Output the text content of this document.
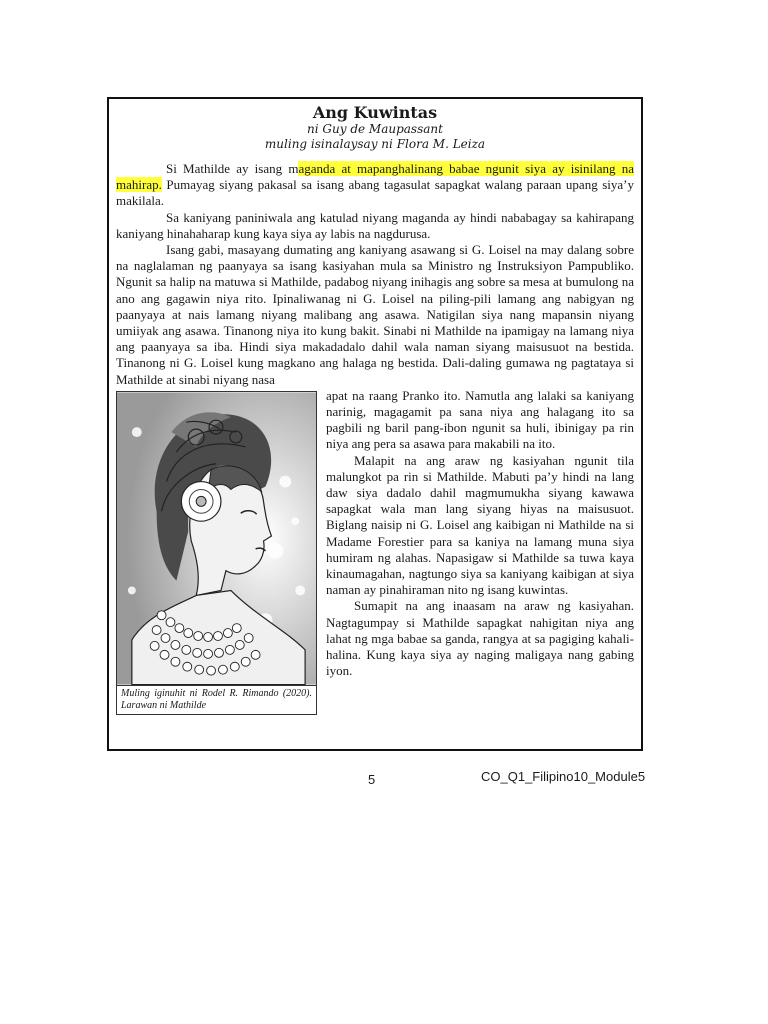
Ang Kuwintas
ni Guy de Maupassant
muling isinalaysay ni Flora M. Leiza

Si Mathilde ay isang maganda at mapanghalinang babae ngunit siya ay isinilang na mahirap. Pumayag siyang pakasal sa isang abang tagasulat sapagkat walang paraan upang siya’y makilala.

Sa kaniyang paniniwala ang katulad niyang maganda ay hindi nababagay sa kahirapang kaniyang hinahaharap kung kaya siya ay labis na nagdurusa.

Isang gabi, masayang dumating ang kaniyang asawang si G. Loisel na may dalang sobre na naglalaman ng paanyaya sa isang kasiyahan mula sa Ministro ng Instruksiyon Pampubliko. Ngunit sa halip na matuwa si Mathilde, padabog niyang inihagis ang sobre sa mesa at bumulong na ano ang gagawin niya rito. Ipinaliwanag ni G. Loisel na piling-pili lamang ang nabigyan ng paanyaya at nais lamang niyang malibang ang asawa. Natigilan siya nang mapansin niyang umiiyak ang asawa. Tinanong niya ito kung bakit. Sinabi ni Mathilde na ipamigay na lamang niya ang paanyaya sa iba. Hindi siya makadadalo dahil wala naman siyang maisusuot na bestida. Tinanong ni G. Loisel kung magkano ang halaga ng bestida. Dali-daling gumawa ng pagtataya si Mathilde at sinabi niyang nasa

Muling iginuhit ni Rodel R. Rimando (2020). Larawan ni Mathilde

apat na raang Pranko ito. Namutla ang lalaki sa kaniyang narinig, magagamit pa sana niya ang halagang ito sa pagbili ng baril pang-ibon ngunit sa huli, ibinigay pa rin niya ang pera sa asawa para makabili na ito.

Malapit na ang araw ng kasiyahan ngunit tila malungkot pa rin si Mathilde. Mabuti pa’y hindi na lang daw siya dadalo dahil magmumukha siyang kawawa sapagkat wala man lang siyang hiyas na maisusuot. Biglang naisip ni G. Loisel ang kaibigan ni Mathilde na si Madame Forestier para sa kaniya na lamang muna siya humiram ng alahas. Napasigaw si Mathilde sa tuwa kaya kinaumagahan, nagtungo siya sa kaniyang kaibigan at siya naman ay pinahiraman nito ng isang kuwintas.

Sumapit na ang inaasam na araw ng kasiyahan. Nagtagumpay si Mathilde sapagkat nahigitan niya ang lahat ng mga babae sa ganda, rangya at sa pagiging kahali-halina. Kung kaya siya ay naging maligaya nang gabing iyon.

5	CO_Q1_Filipino10_Module5
